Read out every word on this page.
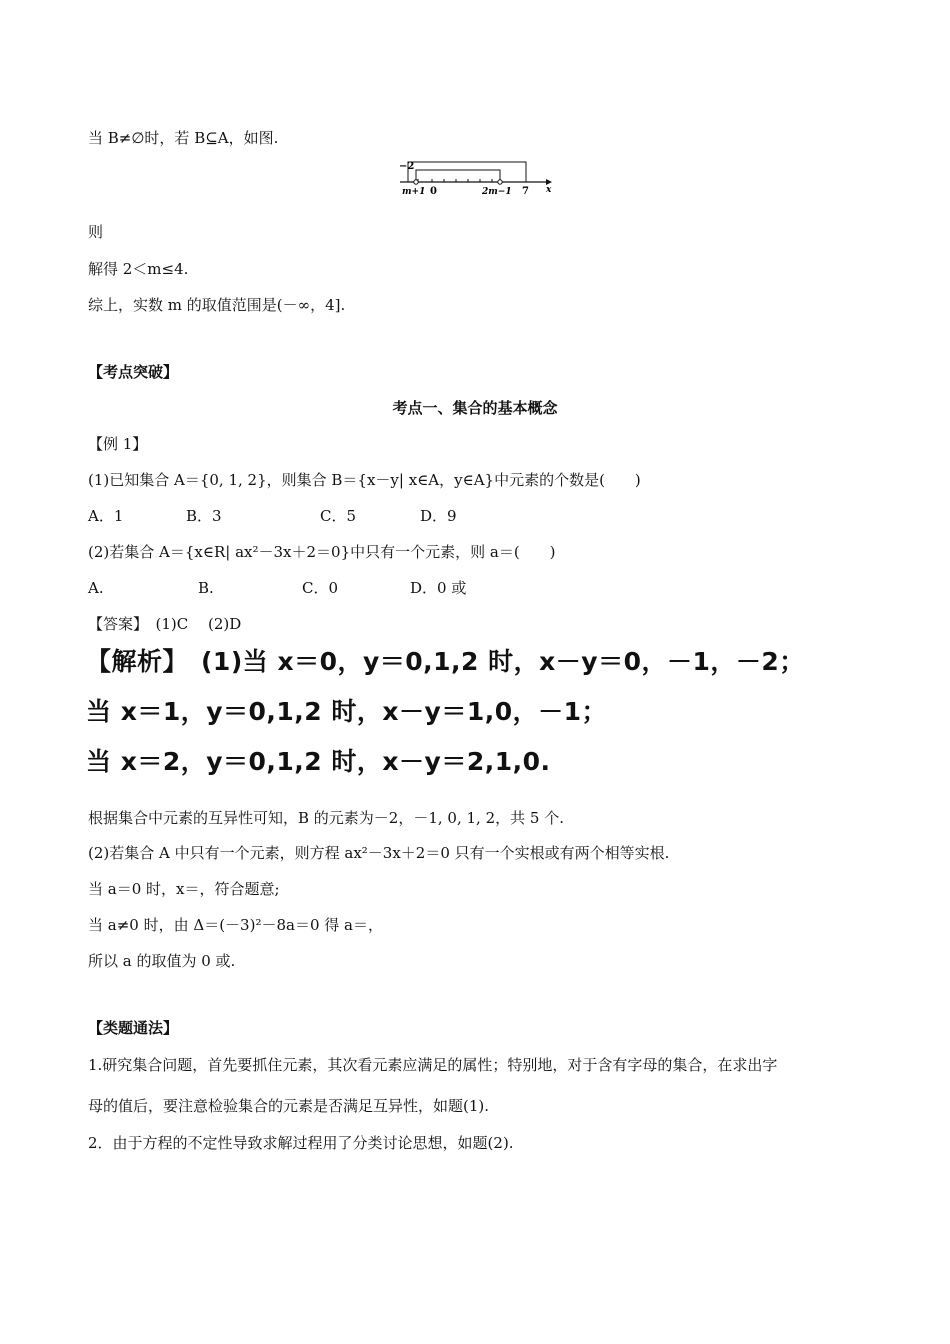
当 B≠∅时，若 B⊆A，如图.
−2
m+1 0	2m−1 7 x
则
解得 2＜m≤4.
综上，实数 m 的取值范围是(－∞，4].
【考点突破】
考点一、集合的基本概念
【例 1】
(1)已知集合 A＝{0, 1, 2}，则集合 B＝{x－y| x∈A，y∈A}中元素的个数是(　　)
A．1	B．3	C．5	D．9
(2)若集合 A＝{x∈R| ax²－3x＋2＝0}中只有一个元素，则 a＝(　　)
A.	B.	C．0	D．0 或
【答案】　(1)C　 (2)D
【解析】　(1)当 x＝0，y＝0,1,2 时，x－y＝0，－1，－2；
当 x＝1，y＝0,1,2 时，x－y＝1,0，－1；
当 x＝2，y＝0,1,2 时，x－y＝2,1,0.
根据集合中元素的互异性可知，B 的元素为－2，－1, 0, 1, 2，共 5 个.
(2)若集合 A 中只有一个元素，则方程 ax²－3x＋2＝0 只有一个实根或有两个相等实根.
当 a＝0 时，x＝，符合题意;
当 a≠0 时，由 Δ＝(－3)²－8a＝0 得 a＝，
所以 a 的取值为 0 或.
【类题通法】
1.研究集合问题，首先要抓住元素，其次看元素应满足的属性；特别地，对于含有字母的集合，在求出字
母的值后，要注意检验集合的元素是否满足互异性，如题(1).
2．由于方程的不定性导致求解过程用了分类讨论思想，如题(2).
